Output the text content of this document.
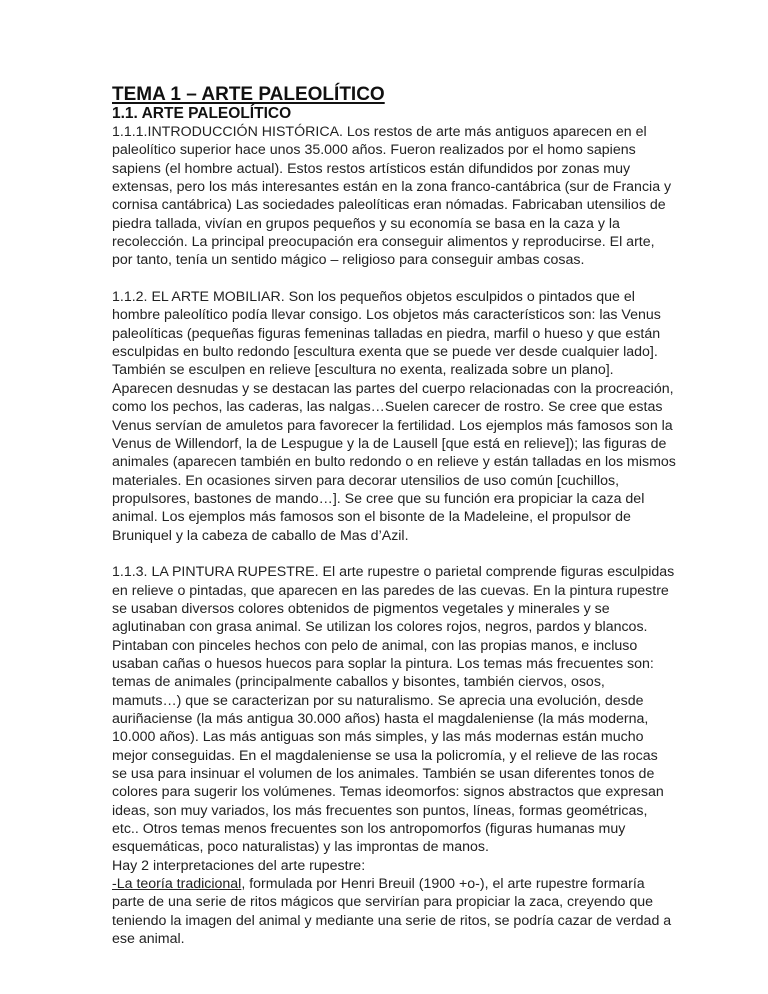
TEMA 1 – ARTE PALEOLÍTICO
1.1. ARTE PALEOLÍTICO

1.1.1.INTRODUCCIÓN HISTÓRICA. Los restos de arte más antiguos aparecen en el paleolítico superior hace unos 35.000 años. Fueron realizados por el homo sapiens sapiens (el hombre actual). Estos restos artísticos están difundidos por zonas muy extensas, pero los más interesantes están en la zona franco-cantábrica (sur de Francia y cornisa cantábrica) Las sociedades paleolíticas eran nómadas. Fabricaban utensilios de piedra tallada, vivían en grupos pequeños y su economía se basa en la caza y la recolección. La principal preocupación era conseguir alimentos y reproducirse. El arte, por tanto, tenía un sentido mágico – religioso para conseguir ambas cosas.

1.1.2. EL ARTE MOBILIAR. Son los pequeños objetos esculpidos o pintados que el hombre paleolítico podía llevar consigo. Los objetos más característicos son: las Venus paleolíticas (pequeñas figuras femeninas talladas en piedra, marfil o hueso y que están esculpidas en bulto redondo [escultura exenta que se puede ver desde cualquier lado]. También se esculpen en relieve [escultura no exenta, realizada sobre un plano]. Aparecen desnudas y se destacan las partes del cuerpo relacionadas con la procreación, como los pechos, las caderas, las nalgas…Suelen carecer de rostro. Se cree que estas Venus servían de amuletos para favorecer la fertilidad. Los ejemplos más famosos son la Venus de Willendorf, la de Lespugue y la de Lausell [que está en relieve]); las figuras de animales (aparecen también en bulto redondo o en relieve y están talladas en los mismos materiales. En ocasiones sirven para decorar utensilios de uso común [cuchillos, propulsores, bastones de mando…]. Se cree que su función era propiciar la caza del animal. Los ejemplos más famosos son el bisonte de la Madeleine, el propulsor de Bruniquel y la cabeza de caballo de Mas d’Azil.

1.1.3. LA PINTURA RUPESTRE. El arte rupestre o parietal comprende figuras esculpidas en relieve o pintadas, que aparecen en las paredes de las cuevas. En la pintura rupestre se usaban diversos colores obtenidos de pigmentos vegetales y minerales y se aglutinaban con grasa animal. Se utilizan los colores rojos, negros, pardos y blancos. Pintaban con pinceles hechos con pelo de animal, con las propias manos, e incluso usaban cañas o huesos huecos para soplar la pintura. Los temas más frecuentes son: temas de animales (principalmente caballos y bisontes, también ciervos, osos, mamuts…) que se caracterizan por su naturalismo. Se aprecia una evolución, desde auriñaciense (la más antigua 30.000 años) hasta el magdaleniense (la más moderna, 10.000 años). Las más antiguas son más simples, y las más modernas están mucho mejor conseguidas. En el magdaleniense se usa la policromía, y el relieve de las rocas se usa para insinuar el volumen de los animales. También se usan diferentes tonos de colores para sugerir los volúmenes. Temas ideomorfos: signos abstractos que expresan ideas, son muy variados, los más frecuentes son puntos, líneas, formas geométricas, etc.. Otros temas menos frecuentes son los antropomorfos (figuras humanas muy esquemáticas, poco naturalistas) y las improntas de manos.

Hay 2 interpretaciones del arte rupestre:

-La teoría tradicional, formulada por Henri Breuil (1900 +o-), el arte rupestre formaría parte de una serie de ritos mágicos que servirían para propiciar la zaca, creyendo que teniendo la imagen del animal y mediante una serie de ritos, se podría cazar de verdad a ese animal.
